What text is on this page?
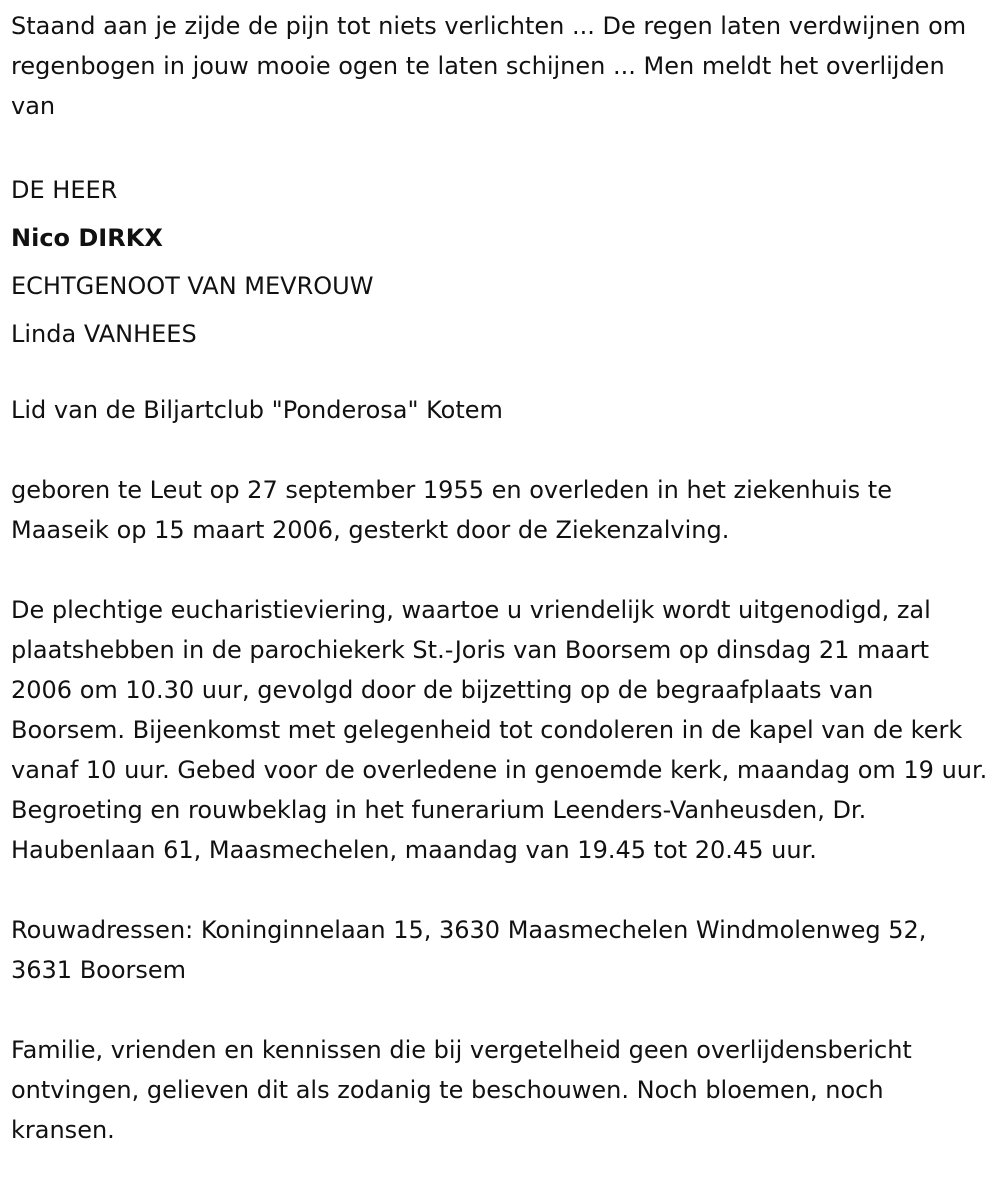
Staand aan je zijde de pijn tot niets verlichten ... De regen laten verdwijnen om regenbogen in jouw mooie ogen te laten schijnen ... Men meldt het overlijden van

DE HEER
Nico DIRKX
ECHTGENOOT VAN MEVROUW
Linda VANHEES

Lid van de Biljartclub "Ponderosa" Kotem

geboren te Leut op 27 september 1955 en overleden in het ziekenhuis te Maaseik op 15 maart 2006, gesterkt door de Ziekenzalving.

De plechtige eucharistieviering, waartoe u vriendelijk wordt uitgenodigd, zal plaatshebben in de parochiekerk St.-Joris van Boorsem op dinsdag 21 maart 2006 om 10.30 uur, gevolgd door de bijzetting op de begraafplaats van Boorsem. Bijeenkomst met gelegenheid tot condoleren in de kapel van de kerk vanaf 10 uur. Gebed voor de overledene in genoemde kerk, maandag om 19 uur. Begroeting en rouwbeklag in het funerarium Leenders-Vanheusden, Dr. Haubenlaan 61, Maasmechelen, maandag van 19.45 tot 20.45 uur.

Rouwadressen: Koninginnelaan 15, 3630 Maasmechelen Windmolenweg 52, 3631 Boorsem

Familie, vrienden en kennissen die bij vergetelheid geen overlijdensbericht ontvingen, gelieven dit als zodanig te beschouwen. Noch bloemen, noch kransen.
